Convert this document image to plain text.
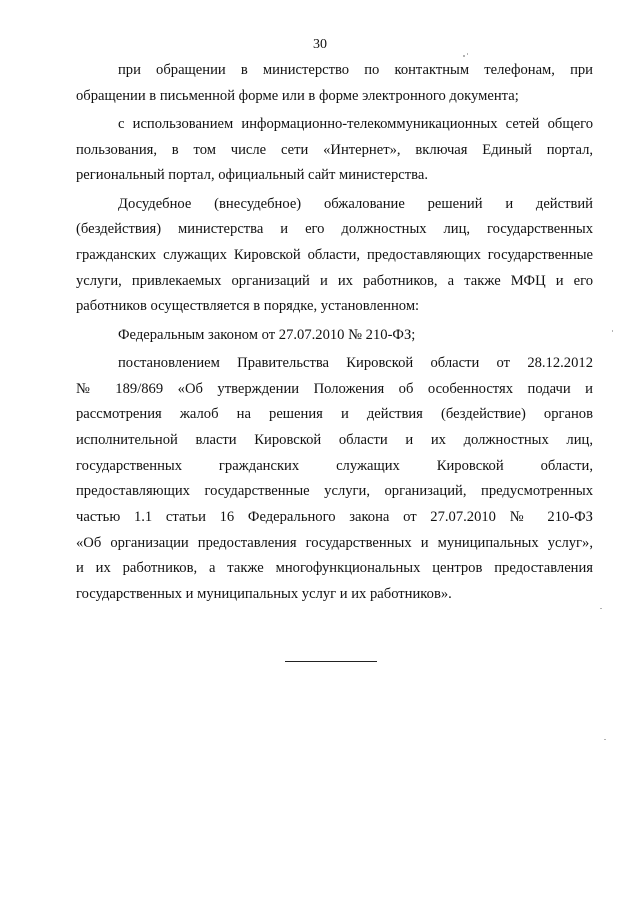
30
при обращении в министерство по контактным телефонам, при
обращении в письменной форме или в форме электронного документа;
с использованием информационно-телекоммуникационных сетей общего
пользования, в том числе сети «Интернет», включая Единый портал,
региональный портал, официальный сайт министерства.
Досудебное (внесудебное) обжалование решений и действий
(бездействия) министерства и его должностных лиц, государственных
гражданских служащих Кировской области, предоставляющих государственные
услуги, привлекаемых организаций и их работников, а также МФЦ и его
работников осуществляется в порядке, установленном:
Федеральным законом от 27.07.2010 № 210-ФЗ;
постановлением Правительства Кировской области от 28.12.2012
№ 189/869 «Об утверждении Положения об особенностях подачи и
рассмотрения жалоб на решения и действия (бездействие) органов
исполнительной власти Кировской области и их должностных лиц,
государственных гражданских служащих Кировской области,
предоставляющих государственные услуги, организаций, предусмотренных
частью 1.1 статьи 16 Федерального закона от 27.07.2010 № 210-ФЗ
«Об организации предоставления государственных и муниципальных услуг»,
и их работников, а также многофункциональных центров предоставления
государственных и муниципальных услуг и их работников».
